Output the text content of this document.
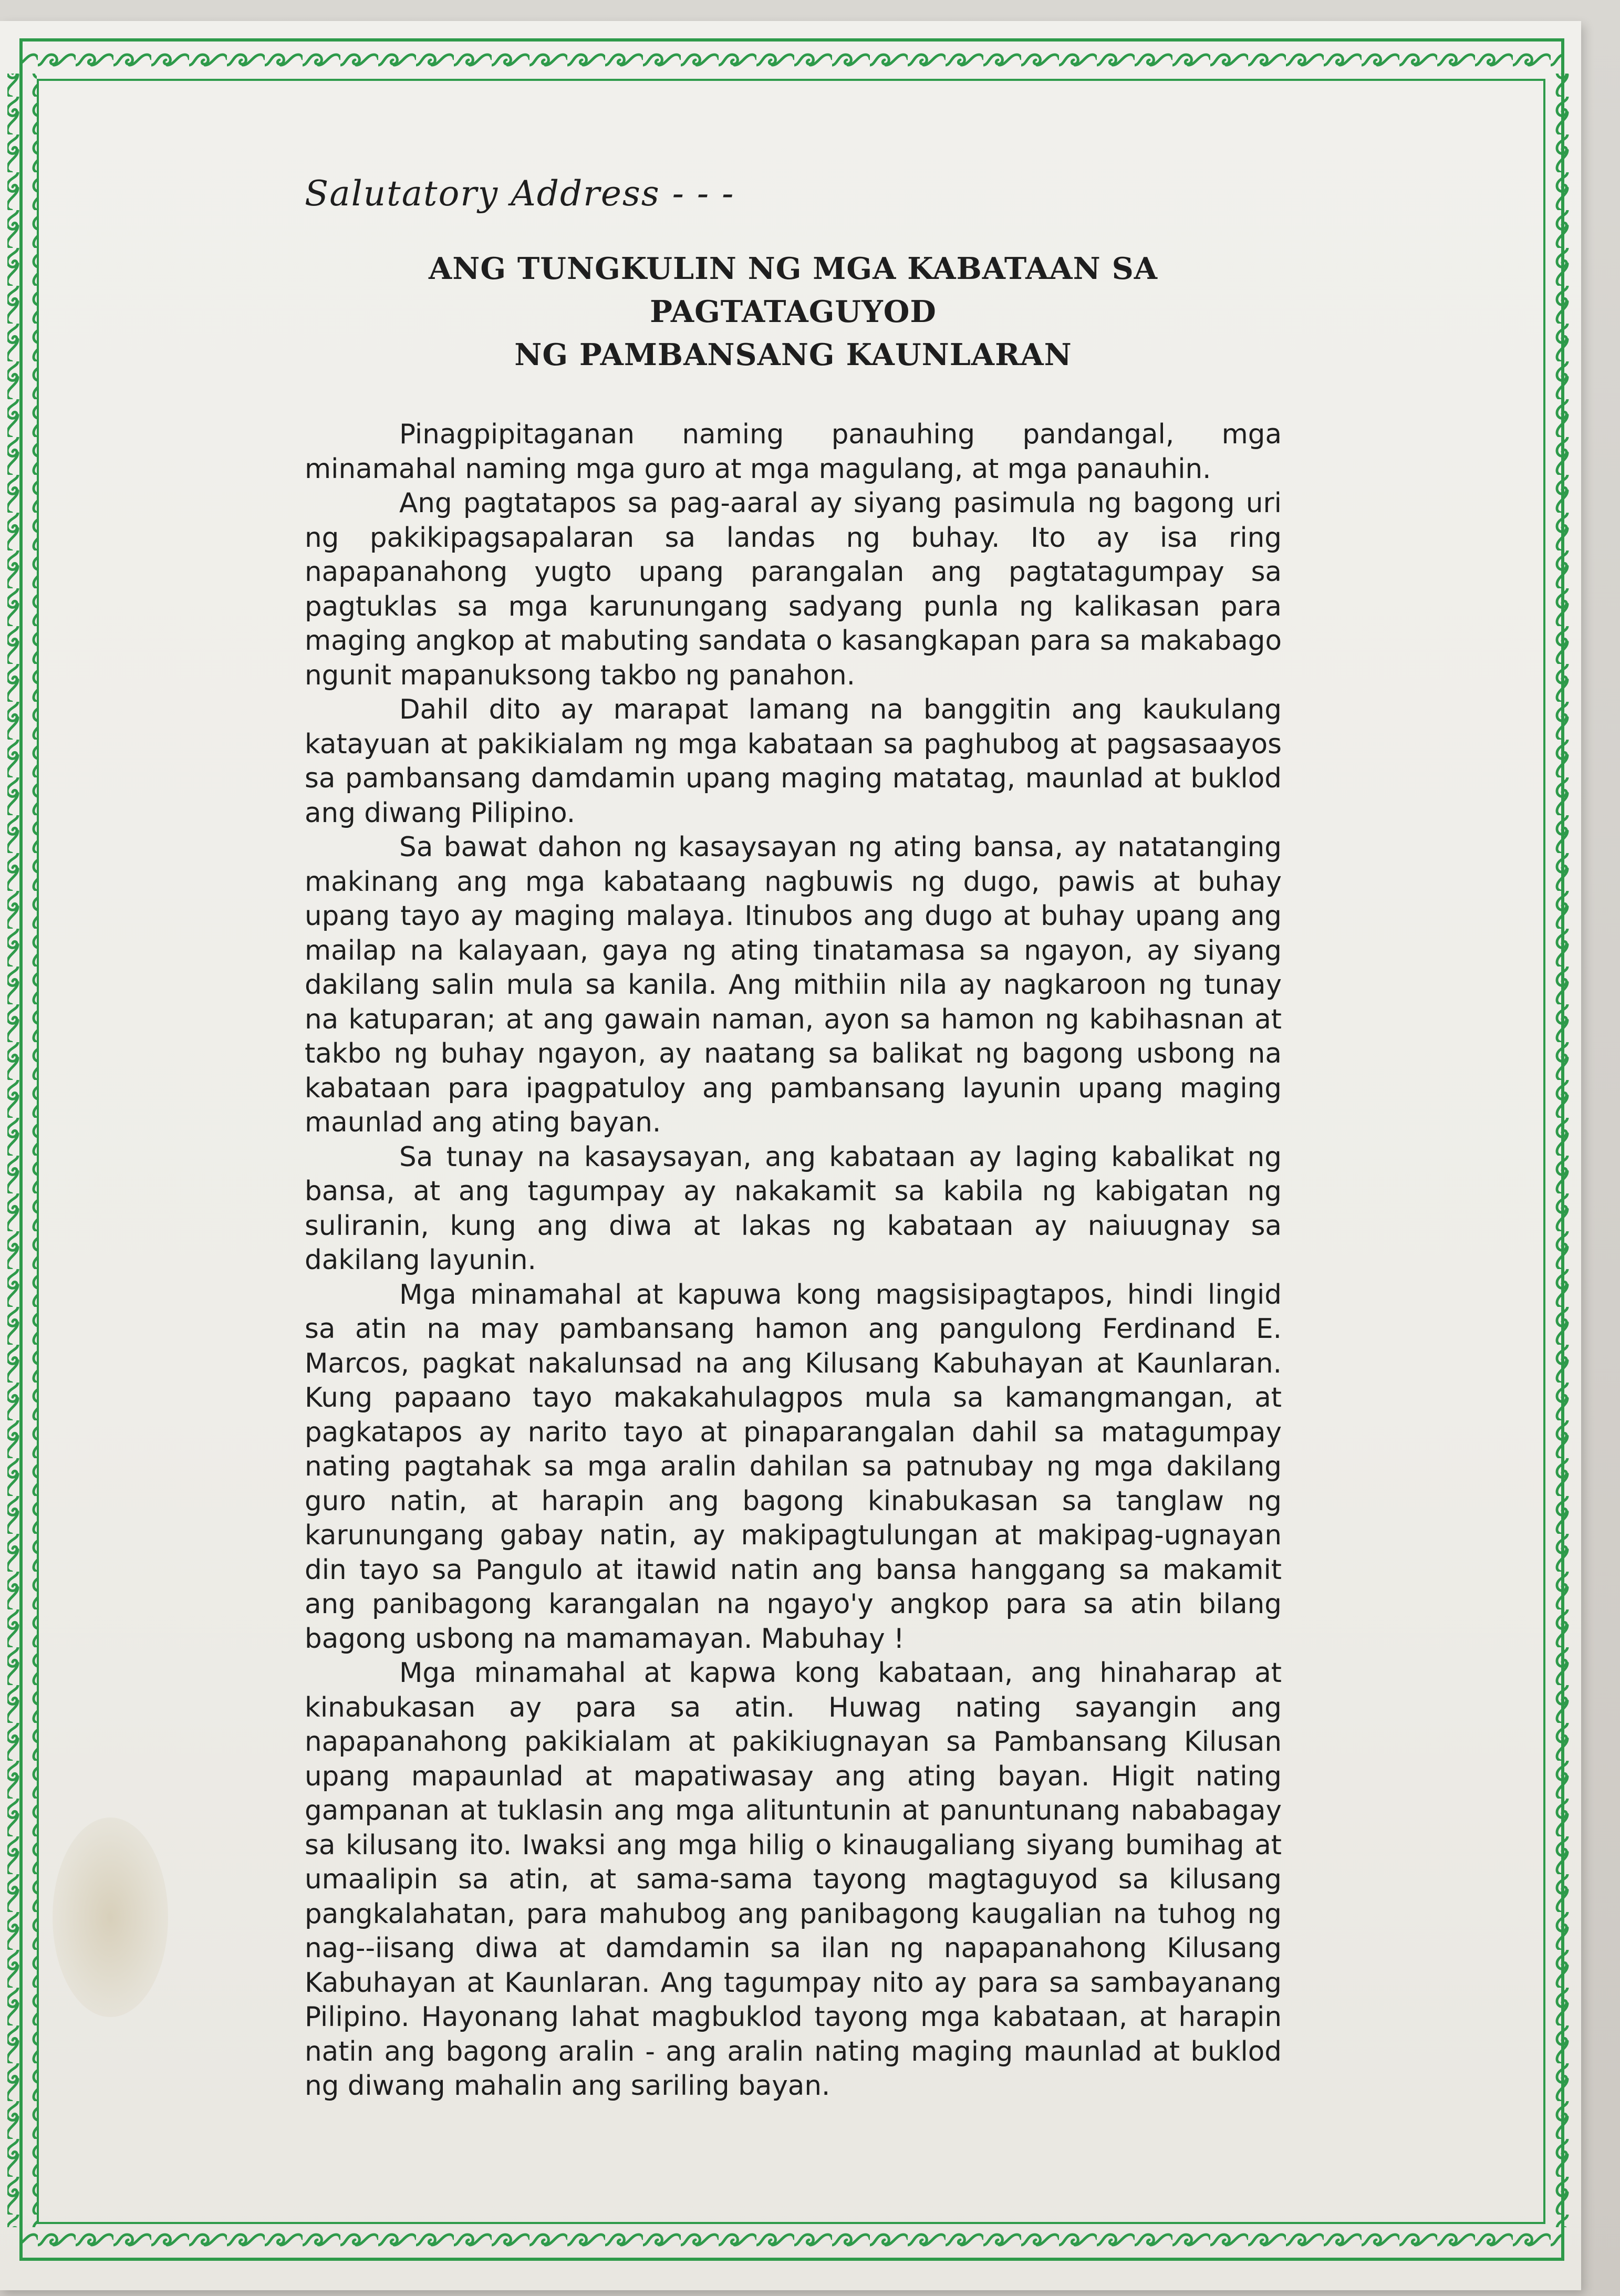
Salutatory Address - - -
ANG TUNGKULIN NG MGA KABATAAN SA PAGTATAGUYOD
NG PAMBANSANG KAUNLARAN

Pinagpipitaganan naming panauhing pandangal, mga minamahal naming mga guro at mga magulang, at mga panauhin.

Ang pagtatapos sa pag-aaral ay siyang pasimula ng bagong uri ng pakikipagsapalaran sa landas ng buhay. Ito ay isa ring napapanahong yugto upang parangalan ang pagtatagumpay sa pagtuklas sa mga karunungang sadyang punla ng kalikasan para maging angkop at mabuting sandata o kasangkapan para sa makabago ngunit mapanuksong takbo ng panahon.

Dahil dito ay marapat lamang na banggitin ang kaukulang katayuan at pakikialam ng mga kabataan sa paghubog at pagsasaayos sa pambansang damdamin upang maging matatag, maunlad at buklod ang diwang Pilipino.

Sa bawat dahon ng kasaysayan ng ating bansa, ay natatanging makinang ang mga kabataang nagbuwis ng dugo, pawis at buhay upang tayo ay maging malaya. Itinubos ang dugo at buhay upang ang mailap na kalayaan, gaya ng ating tinatamasa sa ngayon, ay siyang dakilang salin mula sa kanila. Ang mithiin nila ay nagkaroon ng tunay na katuparan; at ang gawain naman, ayon sa hamon ng kabihasnan at takbo ng buhay ngayon, ay naatang sa balikat ng bagong usbong na kabataan para ipagpatuloy ang pambansang layunin upang maging maunlad ang ating bayan.

Sa tunay na kasaysayan, ang kabataan ay laging kabalikat ng bansa, at ang tagumpay ay nakakamit sa kabila ng kabigatan ng suliranin, kung ang diwa at lakas ng kabataan ay naiuugnay sa dakilang layunin.

Mga minamahal at kapuwa kong magsisipagtapos, hindi lingid sa atin na may pambansang hamon ang pangulong Ferdinand E. Marcos, pagkat nakalunsad na ang Kilusang Kabuhayan at Kaunlaran. Kung papaano tayo makakahulagpos mula sa kamangmangan, at pagkatapos ay narito tayo at pinaparangalan dahil sa matagumpay nating pagtahak sa mga aralin dahilan sa patnubay ng mga dakilang guro natin, at harapin ang bagong kinabukasan sa tanglaw ng karunungang gabay natin, ay makipagtulungan at makipag-ugnayan din tayo sa Pangulo at itawid natin ang bansa hanggang sa makamit ang panibagong karangalan na ngayo'y angkop para sa atin bilang bagong usbong na mamamayan. Mabuhay !

Mga minamahal at kapwa kong kabataan, ang hinaharap at kinabukasan ay para sa atin. Huwag nating sayangin ang napapanahong pakikialam at pakikiugnayan sa Pambansang Kilusan upang mapaunlad at mapatiwasay ang ating bayan. Higit nating gampanan at tuklasin ang mga alituntunin at panuntunang nababagay sa kilusang ito. Iwaksi ang mga hilig o kinaugaliang siyang bumihag at umaalipin sa atin, at sama-sama tayong magtaguyod sa kilusang pangkalahatan, para mahubog ang panibagong kaugalian na tuhog ng nag--iisang diwa at damdamin sa ilan ng napapanahong Kilusang Kabuhayan at Kaunlaran. Ang tagumpay nito ay para sa sambayanang Pilipino. Hayonang lahat magbuklod tayong mga kabataan, at harapin natin ang bagong aralin - ang aralin nating maging maunlad at buklod ng diwang mahalin ang sariling bayan.
